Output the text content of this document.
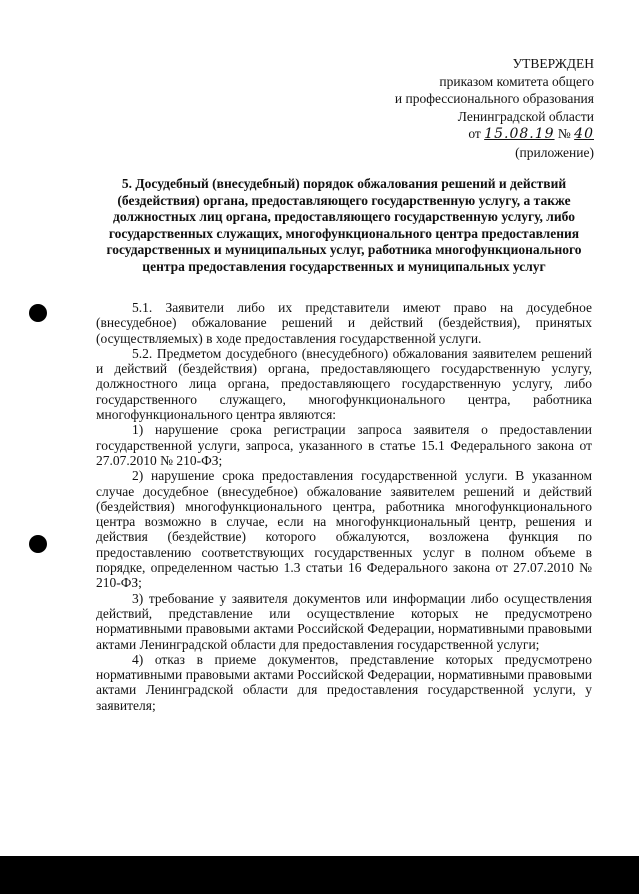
УТВЕРЖДЕН
приказом комитета общего
и профессионального образования
Ленинградской области
от 15.08.19 № 40
(приложение)
5. Досудебный (внесудебный) порядок обжалования решений и действий (бездействия) органа, предоставляющего государственную услугу, а также должностных лиц органа, предоставляющего государственную услугу, либо государственных служащих, многофункционального центра предоставления государственных и муниципальных услуг, работника многофункционального центра предоставления государственных и муниципальных услуг

5.1. Заявители либо их представители имеют право на досудебное (внесудебное) обжалование решений и действий (бездействия), принятых (осуществляемых) в ходе предоставления государственной услуги.

5.2. Предметом досудебного (внесудебного) обжалования заявителем решений и действий (бездействия) органа, предоставляющего государственную услугу, должностного лица органа, предоставляющего государственную услугу, либо государственного служащего, многофункционального центра, работника многофункционального центра являются:

1) нарушение срока регистрации запроса заявителя о предоставлении государственной услуги, запроса, указанного в статье 15.1 Федерального закона от 27.07.2010 № 210-ФЗ;

2) нарушение срока предоставления государственной услуги. В указанном случае досудебное (внесудебное) обжалование заявителем решений и действий (бездействия) многофункционального центра, работника многофункционального центра возможно в случае, если на многофункциональный центр, решения и действия (бездействие) которого обжалуются, возложена функция по предоставлению соответствующих государственных услуг в полном объеме в порядке, определенном частью 1.3 статьи 16 Федерального закона от 27.07.2010 № 210-ФЗ;

3) требование у заявителя документов или информации либо осуществления действий, представление или осуществление которых не предусмотрено нормативными правовыми актами Российской Федерации, нормативными правовыми актами Ленинградской области для предоставления государственной услуги;

4) отказ в приеме документов, представление которых предусмотрено нормативными правовыми актами Российской Федерации, нормативными правовыми актами Ленинградской области для предоставления государственной услуги, у заявителя;
